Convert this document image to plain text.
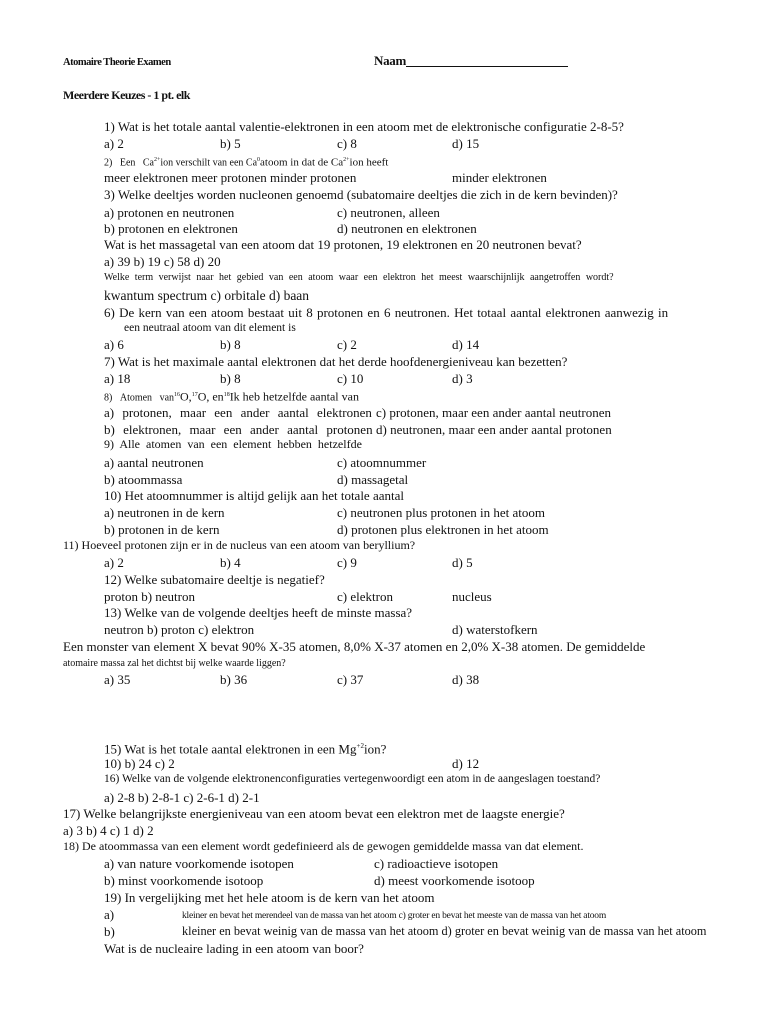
Atomaire Theorie Examen	Naam
Meerdere Keuzes - 1 pt. elk
1) Wat is het totale aantal valentie-elektronen in een atoom met de elektronische configuratie 2-8-5?
a) 2	b) 5	c) 8	d) 15
2) Een $Ca^{2+}ion$ verschilt van een Ca$^0$atoom in dat de $Ca^{2+}ion$ heeft
meer elektronen meer protonen minder protonen	minder elektronen
3) Welke deeltjes worden nucleonen genoemd (subatomaire deeltjes die zich in de kern bevinden)?
a) protonen en neutronen	c) neutronen, alleen
b) protonen en elektronen	d) neutronen en elektronen
Wat is het massagetal van een atoom dat 19 protonen, 19 elektronen en 20 neutronen bevat?
a) 39 b) 19 c) 58 d) 20
Welke term verwijst naar het gebied van een atoom waar een elektron het meest waarschijnlijk aangetroffen wordt?
kwantum spectrum c) orbitale d) baan
6) De kern van een atoom bestaat uit 8 protonen en 6 neutronen. Het totaal aantal elektronen aanwezig in
een neutraal atoom van dit element is
a) 6	b) 8	c) 2	d) 14
7) Wat is het maximale aantal elektronen dat het derde hoofdenergieniveau kan bezetten?
a) 18	b) 8	c) 10	d) 3
8) Atomen van$^{16}$O,$^{17}$O, $en^{18}Ik$ heb hetzelfde aantal van
a) protonen, maar een ander aantal elektronen c) protonen, maar een ander aantal neutronen
b) elektronen, maar een ander aantal protonen d) neutronen, maar een ander aantal protonen
9) Alle atomen van een element hebben hetzelfde
a) aantal neutronen	c) atoomnummer
b) atoommassa	d) massagetal
10) Het atoomnummer is altijd gelijk aan het totale aantal
a) neutronen in de kern	c) neutronen plus protonen in het atoom
b) protonen in de kern	d) protonen plus elektronen in het atoom
11) Hoeveel protonen zijn er in de nucleus van een atoom van beryllium?
a) 2	b) 4	c) 9	d) 5
12) Welke subatomaire deeltje is negatief?
proton b) neutron	c) elektron	nucleus
13) Welke van de volgende deeltjes heeft de minste massa?
neutron b) proton c) elektron	d) waterstofkern
Een monster van element X bevat 90% X-35 atomen, 8,0% X-37 atomen en 2,0% X-38 atomen. De gemiddelde
atomaire massa zal het dichtst bij welke waarde liggen?
a) 35	b) 36	c) 37	d) 38
15) Wat is het totale aantal elektronen in een $Mg^{+2}ion$?
10) b) 24 c) 2	d) 12
16) Welke van de volgende elektronenconfiguraties vertegenwoordigt een atom in de aangeslagen toestand?
a) 2-8 b) 2-8-1 c) 2-6-1 d) 2-1
17) Welke belangrijkste energieniveau van een atoom bevat een elektron met de laagste energie?
a) 3 b) 4 c) 1 d) 2
18) De atoommassa van een element wordt gedefinieerd als de gewogen gemiddelde massa van dat element.
a) van nature voorkomende isotopen	c) radioactieve isotopen
b) minst voorkomende isotoop	d) meest voorkomende isotoop
19) In vergelijking met het hele atoom is de kern van het atoom
a)	kleiner en bevat het merendeel van de massa van het atoom c) groter en bevat het meeste van de massa van het atoom
b)	kleiner en bevat weinig van de massa van het atoom d) groter en bevat weinig van de massa van het atoom
Wat is de nucleaire lading in een atoom van boor?
